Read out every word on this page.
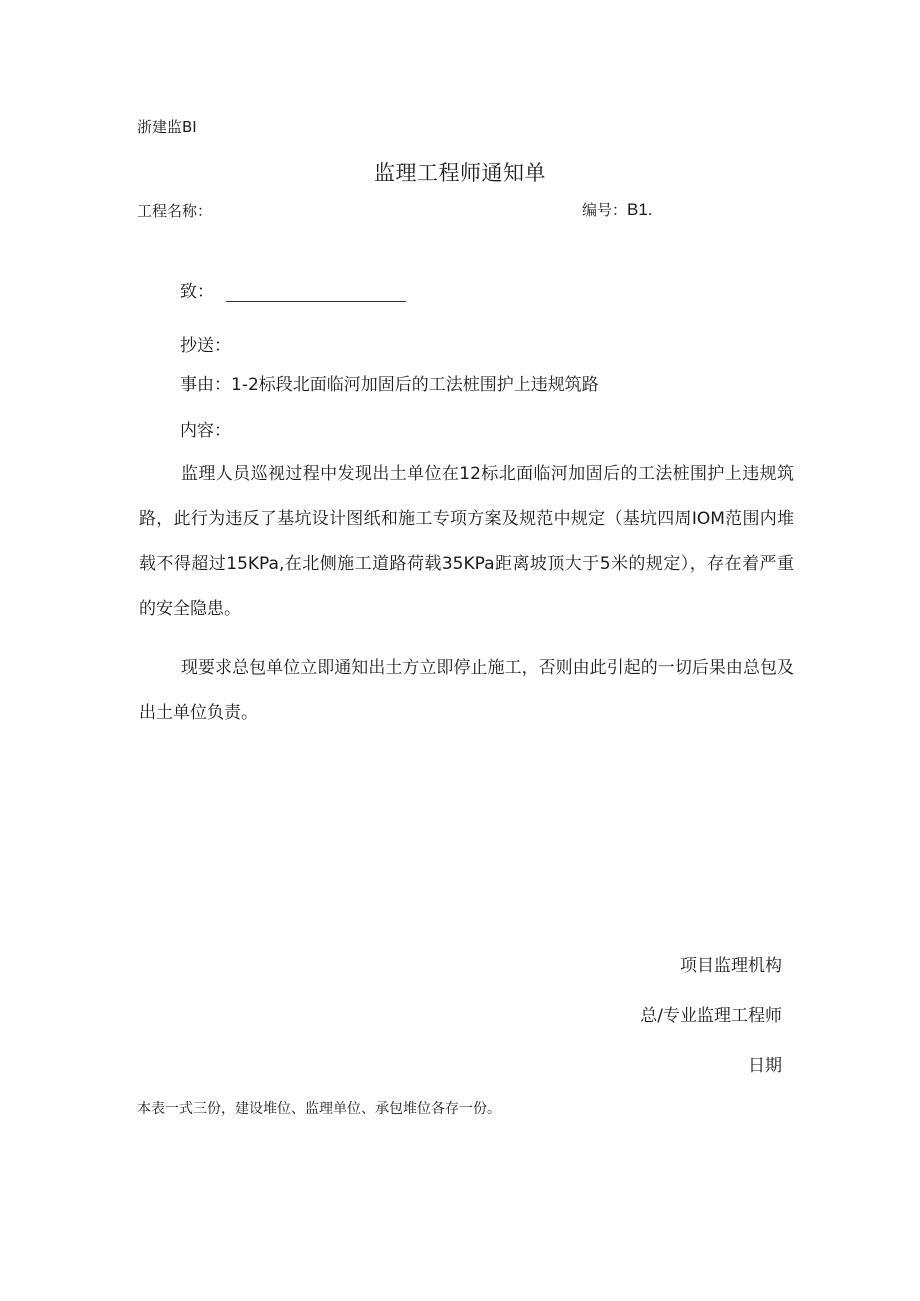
浙建监BI
监理工程师通知单
工程名称：	编号：B1.
致：
抄送：
事由：1-2标段北面临河加固后的工法桩围护上违规筑路
内容：

监理人员巡视过程中发现出土单位在12标北面临河加固后的工法桩围护上违规筑路，此行为违反了基坑设计图纸和施工专项方案及规范中规定（基坑四周IOM范围内堆载不得超过15KPa,在北侧施工道路荷载35KPa距离坡顶大于5米的规定），存在着严重的安全隐患。

现要求总包单位立即通知出土方立即停止施工，否则由此引起的一切后果由总包及出土单位负责。

项目监理机构
总/专业监理工程师
日期
本表一式三份，建设堆位、监理单位、承包堆位各存一份。
